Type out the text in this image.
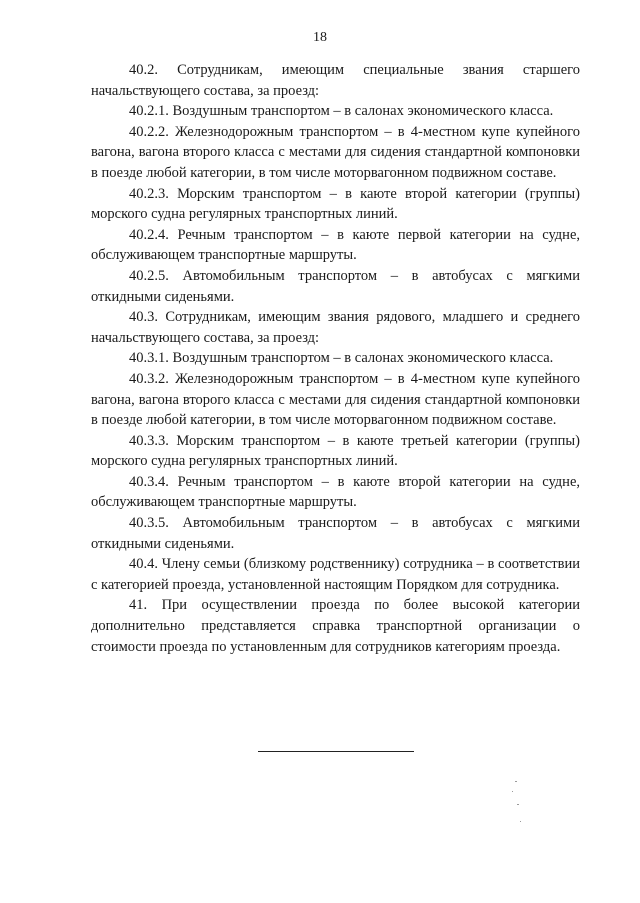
18

40.2. Сотрудникам, имеющим специальные звания старшего начальствующего состава, за проезд:

40.2.1. Воздушным транспортом – в салонах экономического класса.

40.2.2. Железнодорожным транспортом – в 4-местном купе купейного вагона, вагона второго класса с местами для сидения стандартной компоновки в поезде любой категории, в том числе моторвагонном подвижном составе.

40.2.3. Морским транспортом – в каюте второй категории (группы) морского судна регулярных транспортных линий.

40.2.4. Речным транспортом – в каюте первой категории на судне, обслуживающем транспортные маршруты.

40.2.5. Автомобильным транспортом – в автобусах с мягкими откидными сиденьями.

40.3. Сотрудникам, имеющим звания рядового, младшего и среднего начальствующего состава, за проезд:

40.3.1. Воздушным транспортом – в салонах экономического класса.

40.3.2. Железнодорожным транспортом – в 4-местном купе купейного вагона, вагона второго класса с местами для сидения стандартной компоновки в поезде любой категории, в том числе моторвагонном подвижном составе.

40.3.3. Морским транспортом – в каюте третьей категории (группы) морского судна регулярных транспортных линий.

40.3.4. Речным транспортом – в каюте второй категории на судне, обслуживающем транспортные маршруты.

40.3.5. Автомобильным транспортом – в автобусах с мягкими откидными сиденьями.

40.4. Члену семьи (близкому родственнику) сотрудника – в соответствии с категорией проезда, установленной настоящим Порядком для сотрудника.

41. При осуществлении проезда по более высокой категории дополнительно представляется справка транспортной организации о стоимости проезда по установленным для сотрудников категориям проезда.
